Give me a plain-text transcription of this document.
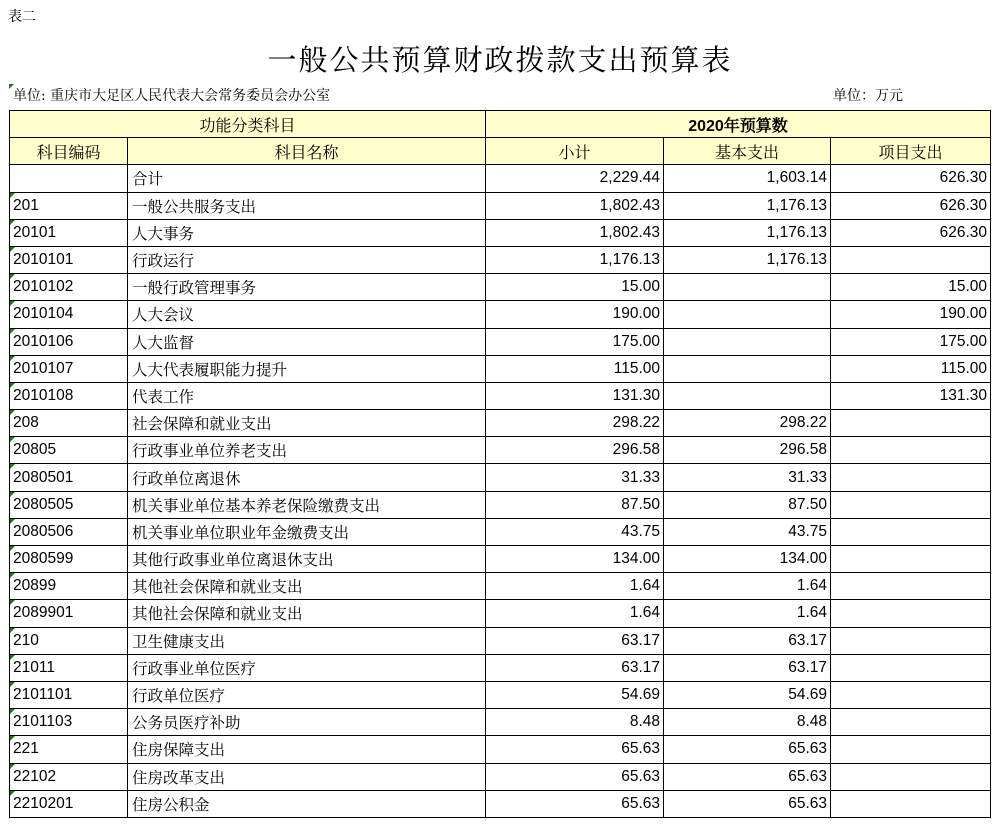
表二
一般公共预算财政拨款支出预算表
单位: 重庆市大足区人民代表大会常务委员会办公室	单位：万元
功能分类科目		2020年预算数		
科目编码	科目名称	小计	基本支出	项目支出
	合计	2,229.44	1,603.14	626.30
201	一般公共服务支出	1,802.43	1,176.13	626.30
20101	人大事务	1,802.43	1,176.13	626.30
2010101	行政运行	1,176.13	1,176.13	
2010102	一般行政管理事务	15.00		15.00
2010104	人大会议	190.00		190.00
2010106	人大监督	175.00		175.00
2010107	人大代表履职能力提升	115.00		115.00
2010108	代表工作	131.30		131.30
208	社会保障和就业支出	298.22	298.22	
20805	行政事业单位养老支出	296.58	296.58	
2080501	行政单位离退休	31.33	31.33	
2080505	机关事业单位基本养老保险缴费支出	87.50	87.50	
2080506	机关事业单位职业年金缴费支出	43.75	43.75	
2080599	其他行政事业单位离退休支出	134.00	134.00	
20899	其他社会保障和就业支出	1.64	1.64	
2089901	其他社会保障和就业支出	1.64	1.64	
210	卫生健康支出	63.17	63.17	
21011	行政事业单位医疗	63.17	63.17	
2101101	行政单位医疗	54.69	54.69	
2101103	公务员医疗补助	8.48	8.48	
221	住房保障支出	65.63	65.63	
22102	住房改革支出	65.63	65.63	
2210201	住房公积金	65.63	65.63	
